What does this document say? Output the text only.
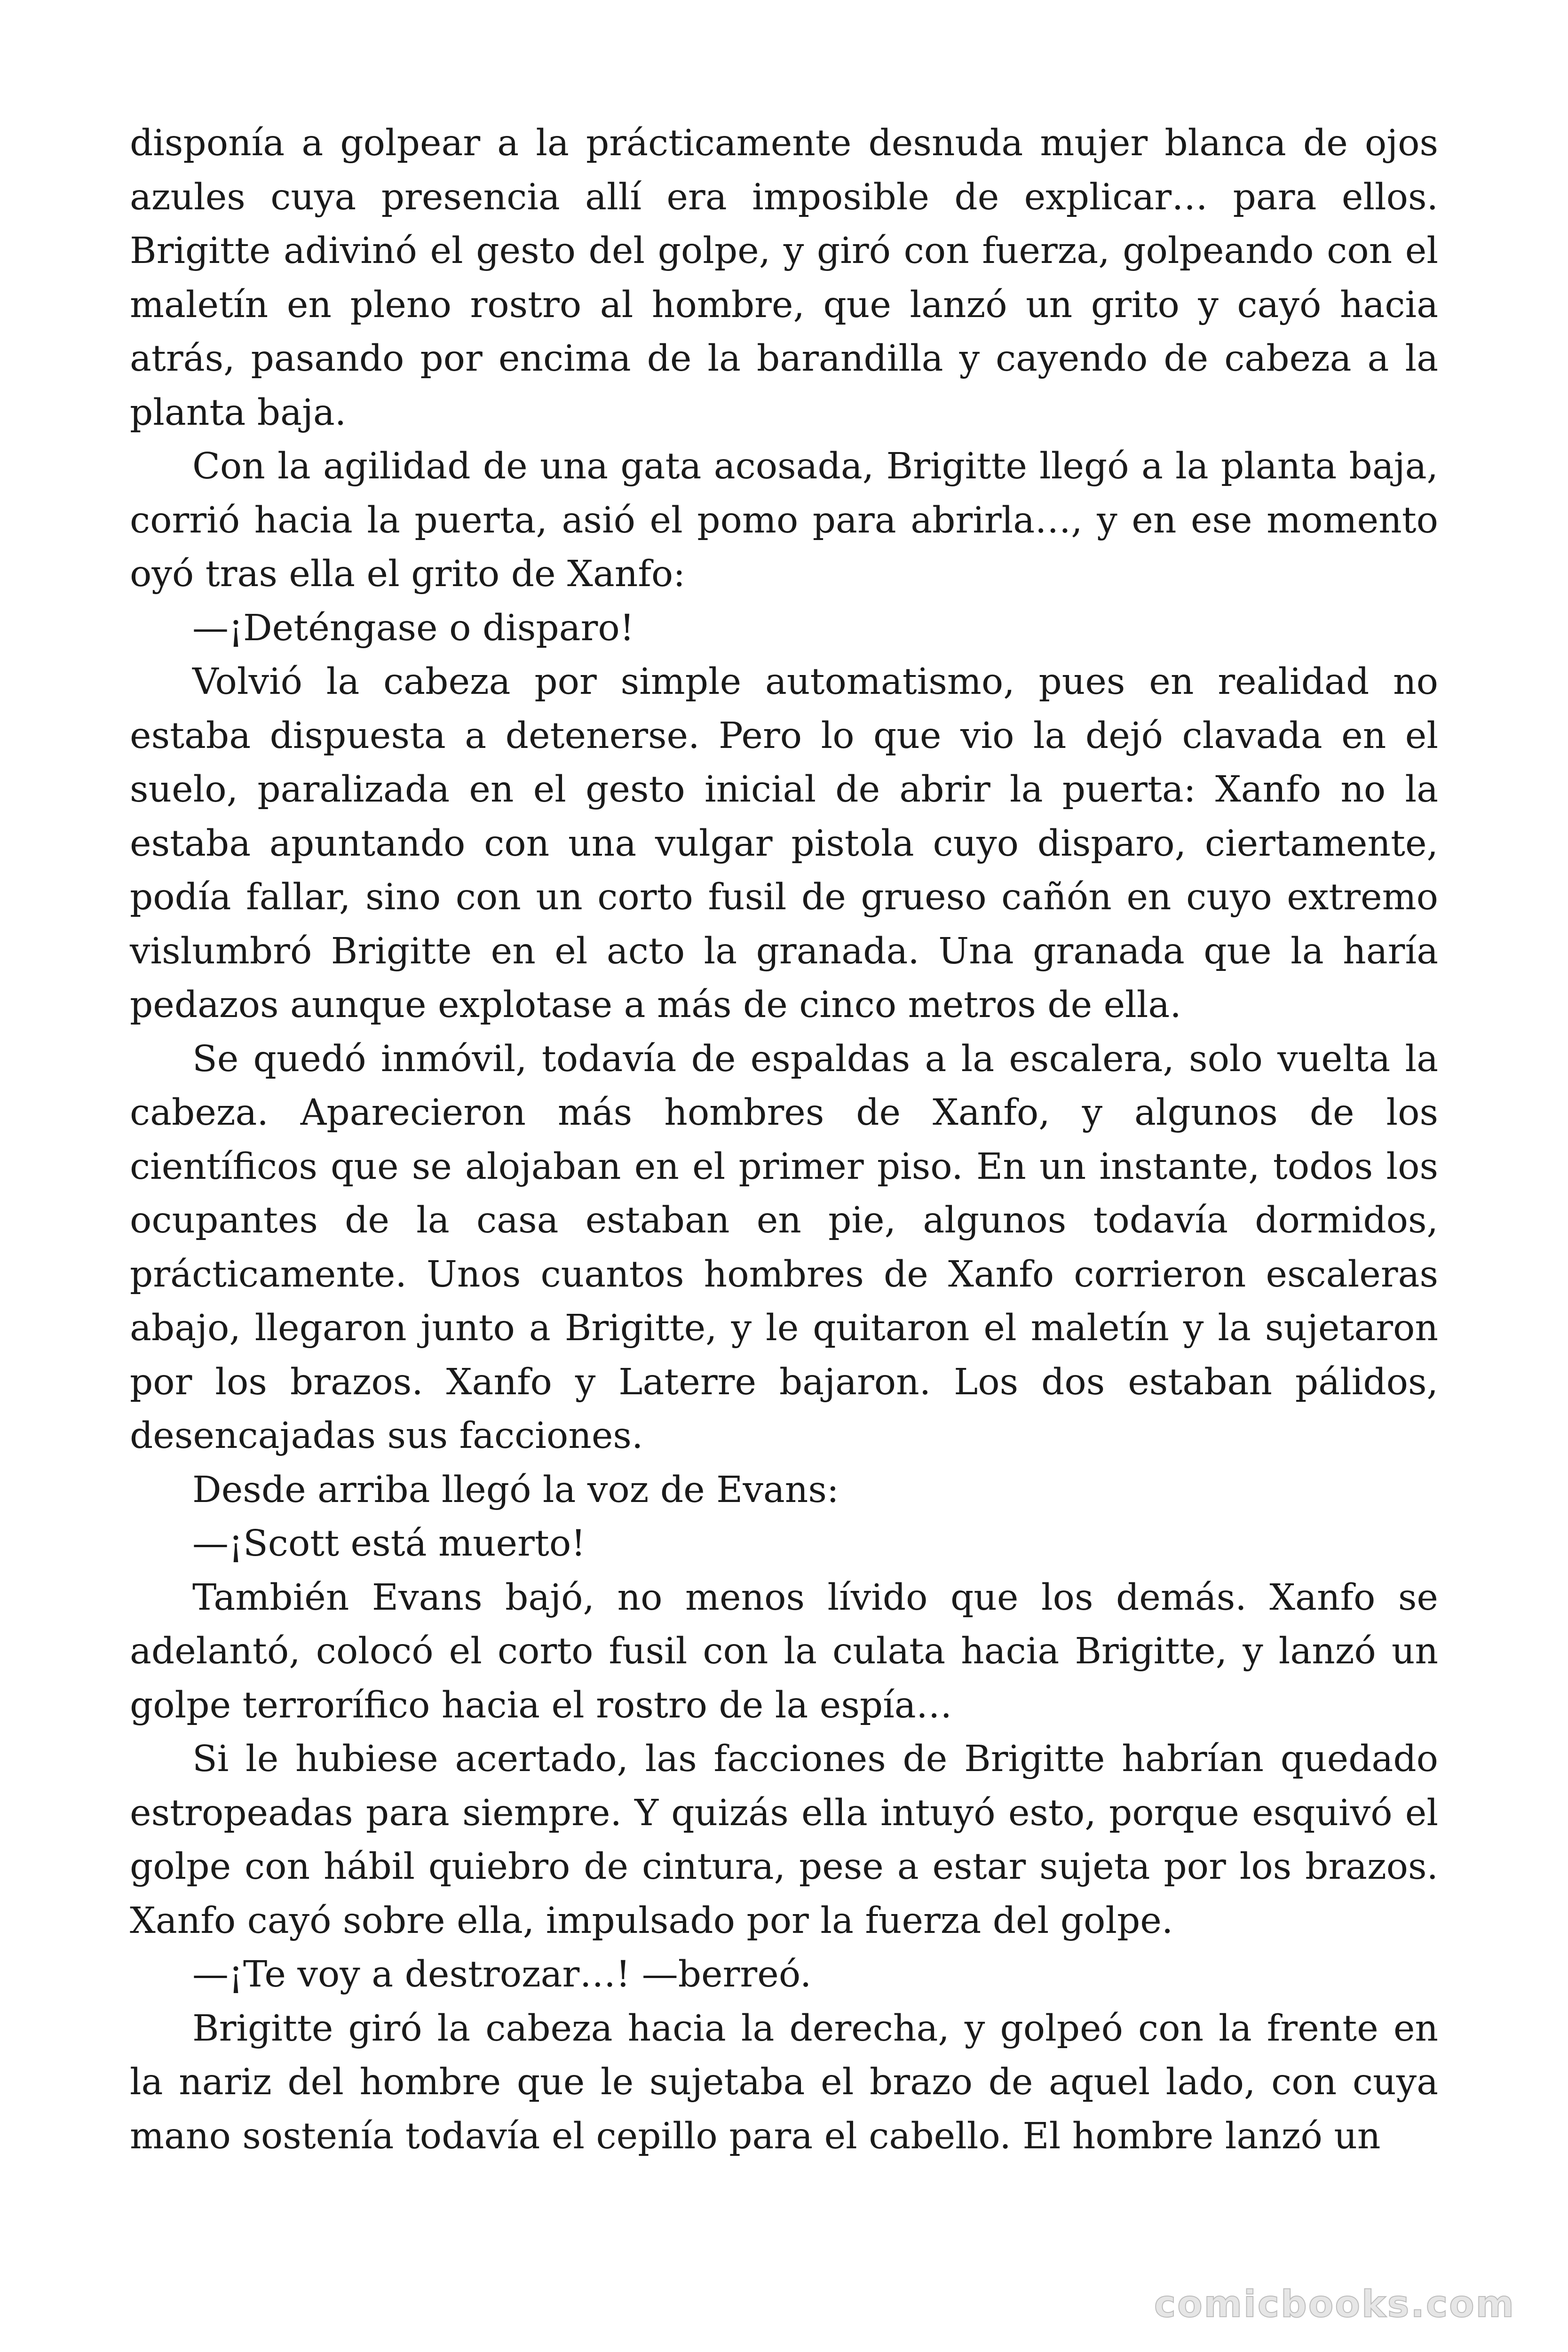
disponía a golpear a la prácticamente desnuda mujer blanca de ojos azules cuya presencia allí era imposible de explicar… para ellos. Brigitte adivinó el gesto del golpe, y giró con fuerza, golpeando con el maletín en pleno rostro al hombre, que lanzó un grito y cayó hacia atrás, pasando por encima de la barandilla y cayendo de cabeza a la planta baja.

Con la agilidad de una gata acosada, Brigitte llegó a la planta baja, corrió hacia la puerta, asió el pomo para abrirla…, y en ese momento oyó tras ella el grito de Xanfo:

—¡Deténgase o disparo!

Volvió la cabeza por simple automatismo, pues en realidad no estaba dispuesta a detenerse. Pero lo que vio la dejó clavada en el suelo, paralizada en el gesto inicial de abrir la puerta: Xanfo no la estaba apuntando con una vulgar pistola cuyo disparo, ciertamente, podía fallar, sino con un corto fusil de grueso cañón en cuyo extremo vislumbró Brigitte en el acto la granada. Una granada que la haría pedazos aunque explotase a más de cinco metros de ella.

Se quedó inmóvil, todavía de espaldas a la escalera, solo vuelta la cabeza. Aparecieron más hombres de Xanfo, y algunos de los científicos que se alojaban en el primer piso. En un instante, todos los ocupantes de la casa estaban en pie, algunos todavía dormidos, prácticamente. Unos cuantos hombres de Xanfo corrieron escaleras abajo, llegaron junto a Brigitte, y le quitaron el maletín y la sujetaron por los brazos. Xanfo y Laterre bajaron. Los dos estaban pálidos, desencajadas sus facciones.

Desde arriba llegó la voz de Evans:

—¡Scott está muerto!

También Evans bajó, no menos lívido que los demás. Xanfo se adelantó, colocó el corto fusil con la culata hacia Brigitte, y lanzó un golpe terrorífico hacia el rostro de la espía…

Si le hubiese acertado, las facciones de Brigitte habrían quedado estropeadas para siempre. Y quizás ella intuyó esto, porque esquivó el golpe con hábil quiebro de cintura, pese a estar sujeta por los brazos. Xanfo cayó sobre ella, impulsado por la fuerza del golpe.

—¡Te voy a destrozar…! —berreó.

Brigitte giró la cabeza hacia la derecha, y golpeó con la frente en la nariz del hombre que le sujetaba el brazo de aquel lado, con cuya mano sostenía todavía el cepillo para el cabello. El hombre lanzó un

comicbooks.com
